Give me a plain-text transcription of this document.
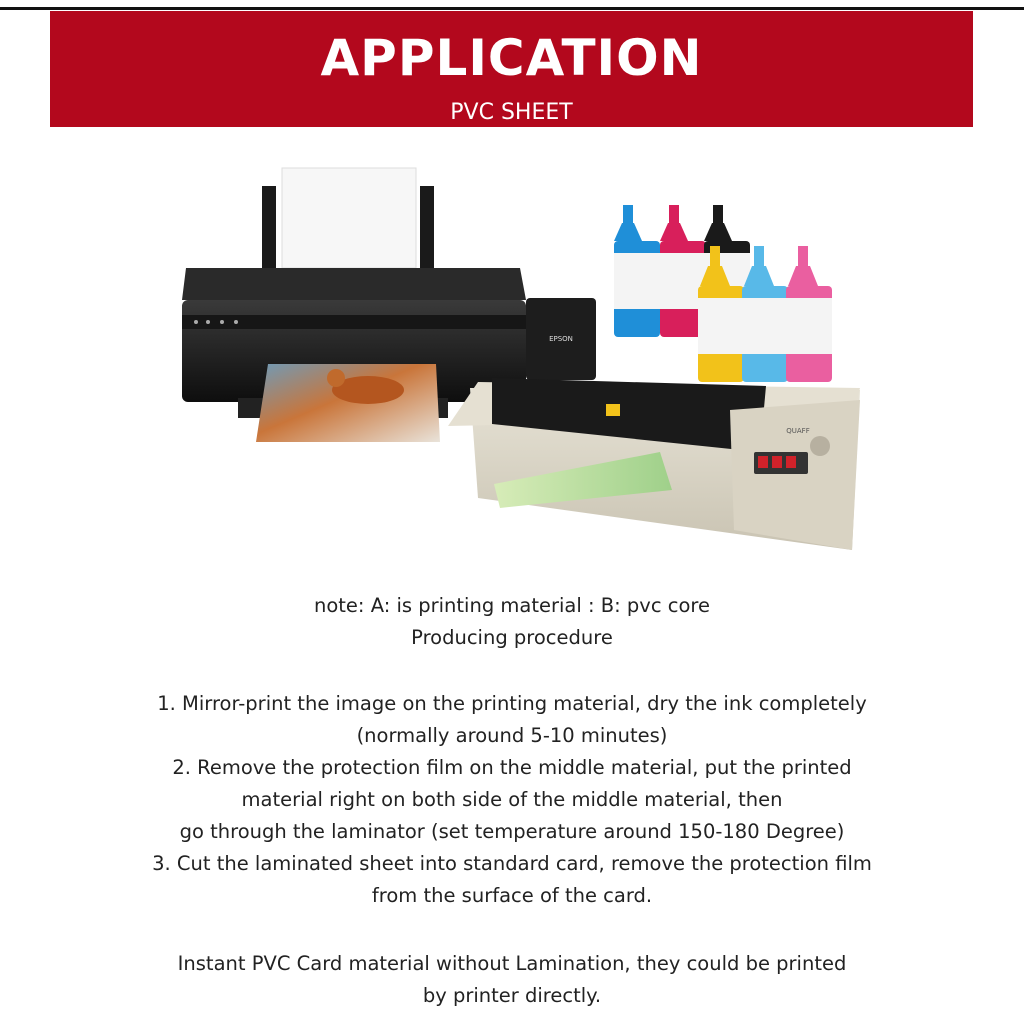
APPLICATION
PVC SHEET
EPSON
QUAFF

note: A: is printing material : B: pvc core

Producing procedure

1. Mirror-print the image on the printing material, dry the ink completely

(normally around 5-10 minutes)

2. Remove the protection film on the middle material, put the printed

material right on both side of the middle material, then

go through the laminator (set temperature around 150-180 Degree)

3. Cut the laminated sheet into standard card, remove the protection film

from the surface of the card.

Instant PVC Card material without Lamination, they could be printed

by printer directly.
